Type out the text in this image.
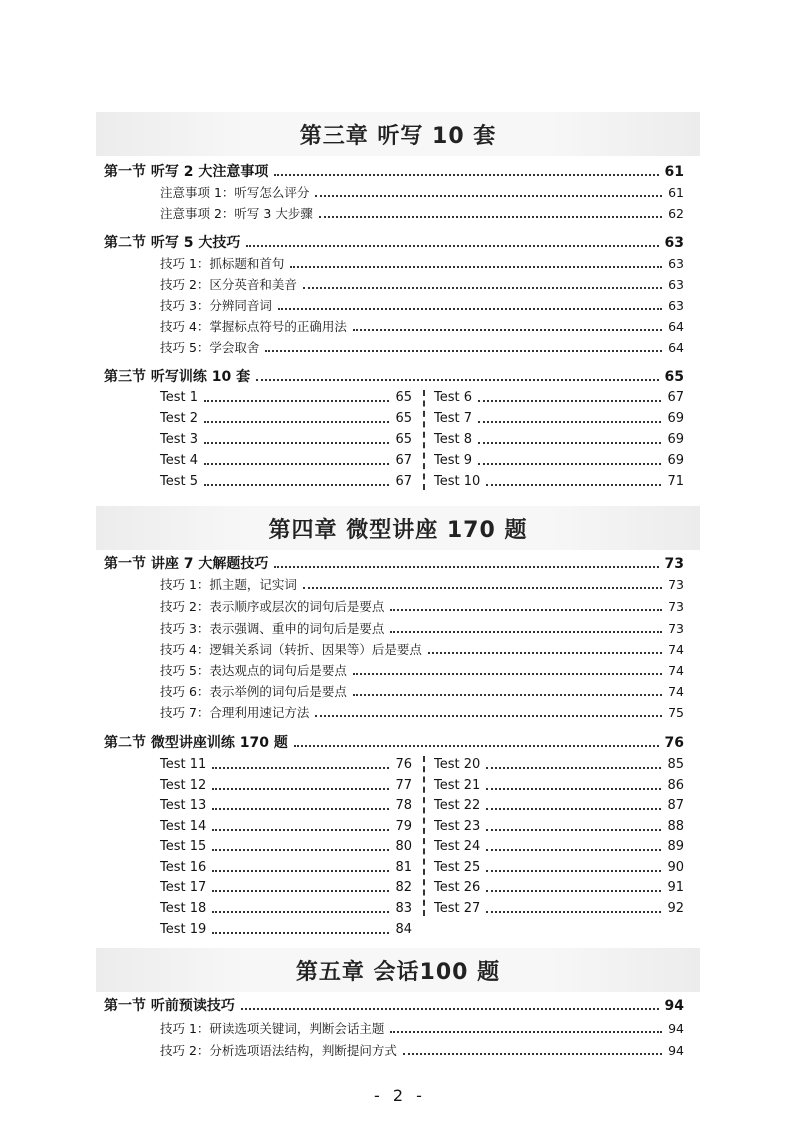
第三章 听写 10 套
第一节 听写 2 大注意事项	61
注意事项 1：听写怎么评分	61
注意事项 2：听写 3 大步骤	62
第二节 听写 5 大技巧	63
技巧 1：抓标题和首句	63
技巧 2：区分英音和美音	63
技巧 3：分辨同音词	63
技巧 4：掌握标点符号的正确用法	64
技巧 5：学会取舍	64
第三节 听写训练 10 套	65
Test 1	65
Test 2	65
Test 3	65
Test 4	67
Test 5	67
Test 6	67
Test 7	69
Test 8	69
Test 9	69
Test 10	71
第四章 微型讲座 170 题
第一节 讲座 7 大解题技巧	73
技巧 1：抓主题，记实词	73
技巧 2：表示顺序或层次的词句后是要点	73
技巧 3：表示强调、重申的词句后是要点	73
技巧 4：逻辑关系词（转折、因果等）后是要点	74
技巧 5：表达观点的词句后是要点	74
技巧 6：表示举例的词句后是要点	74
技巧 7：合理利用速记方法	75
第二节 微型讲座训练 170 题	76
Test 11	76
Test 12	77
Test 13	78
Test 14	79
Test 15	80
Test 16	81
Test 17	82
Test 18	83
Test 19	84
Test 20	85
Test 21	86
Test 22	87
Test 23	88
Test 24	89
Test 25	90
Test 26	91
Test 27	92
第五章 会话100 题
第一节 听前预读技巧	94
技巧 1：研读选项关键词，判断会话主题	94
技巧 2：分析选项语法结构，判断提问方式	94
- 2 -
